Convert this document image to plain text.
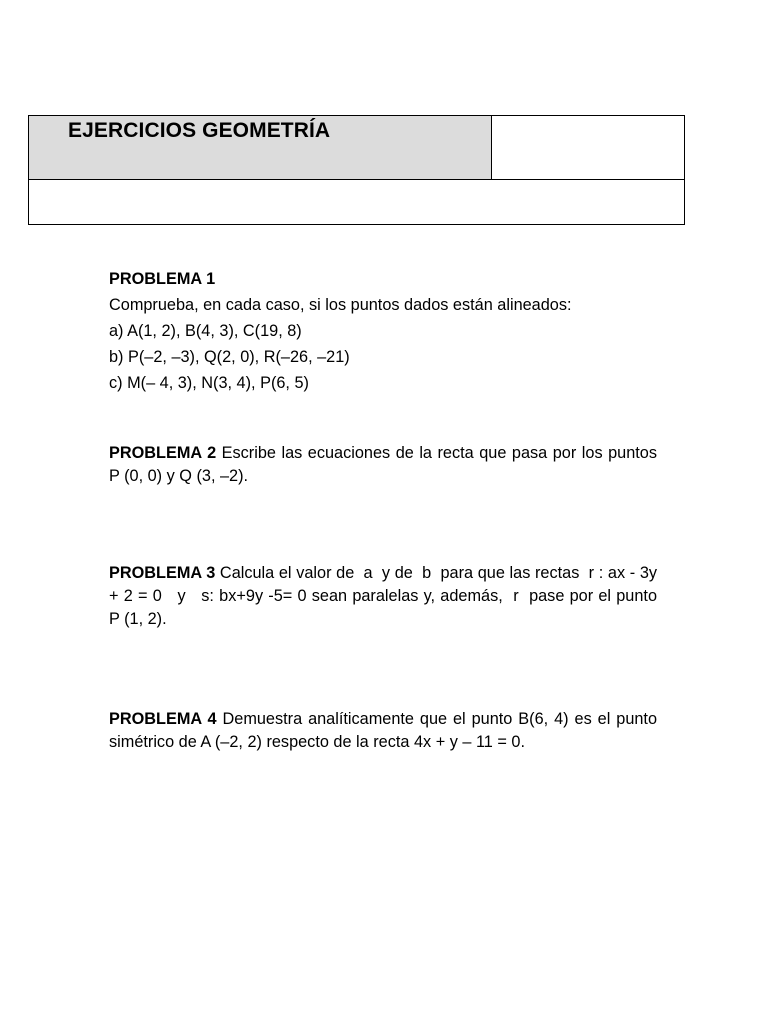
EJERCICIOS GEOMETRÍA
PROBLEMA 1
Comprueba, en cada caso, si los puntos dados están alineados:
a) A(1, 2), B(4, 3), C(19, 8)
b) P(–2, –3), Q(2, 0), R(–26, –21)
c) M(– 4, 3), N(3, 4), P(6, 5)
PROBLEMA 2 Escribe las ecuaciones de la recta que pasa por los puntos P (0, 0) y Q (3, –2).
PROBLEMA 3 Calcula el valor de  a  y de  b  para que las rectas  r : ax - 3y + 2 = 0   y   s: bx+9y -5= 0 sean paralelas y, además,  r  pase por el punto  P (1, 2).
PROBLEMA 4 Demuestra analíticamente que el punto B(6, 4) es el punto simétrico de A (–2, 2) respecto de la recta 4x + y – 11 = 0.
